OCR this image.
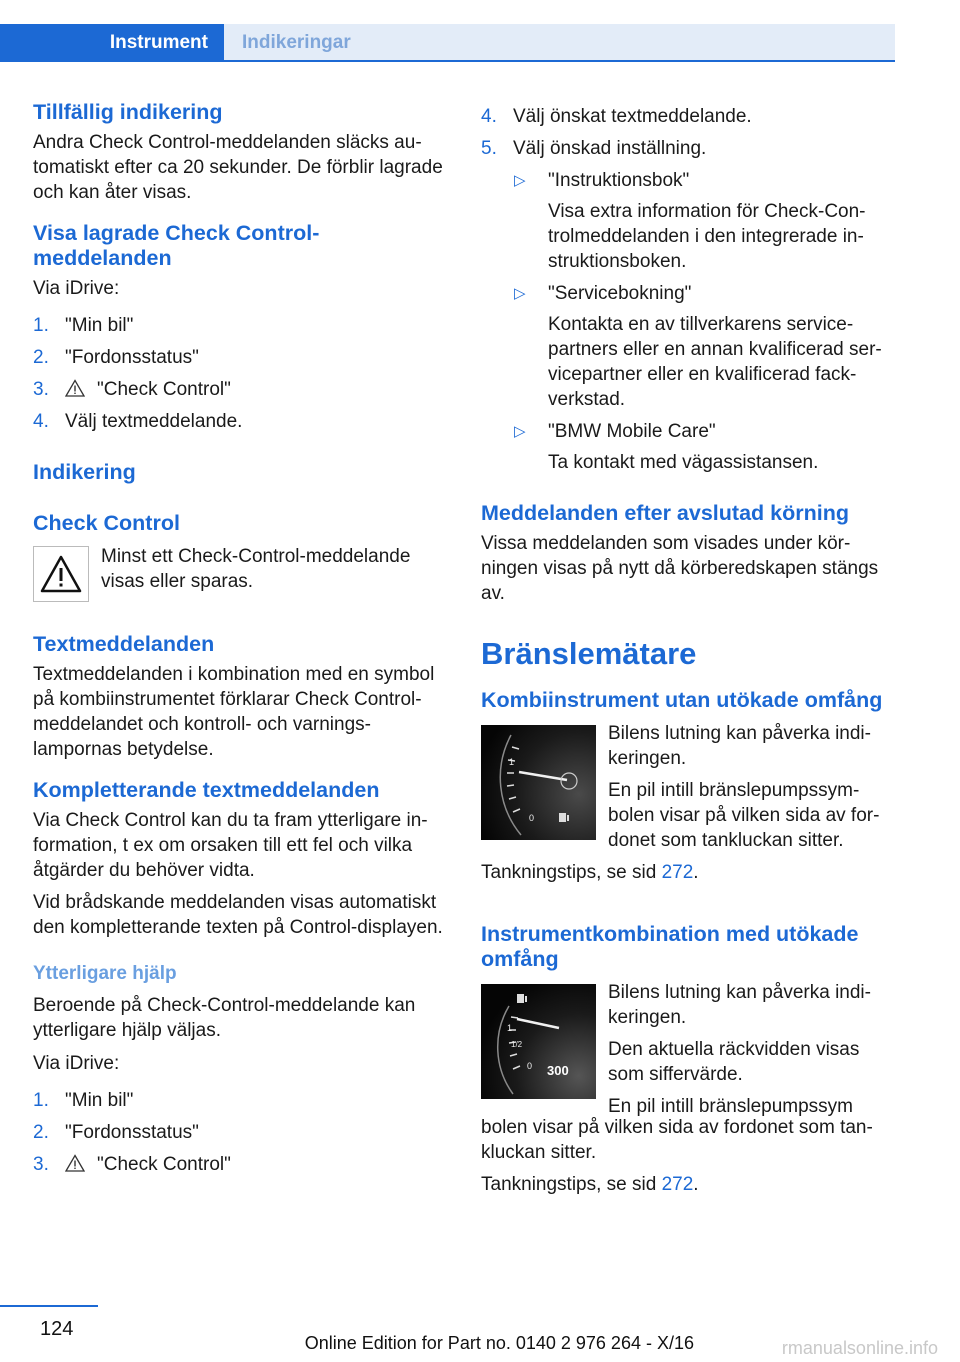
Instrument	Indikeringar
Tillfällig indikering

Andra Check Control-meddelanden släcks automatiskt efter ca 20 sekunder. De förblir lagrade och kan åter visas.

Visa lagrade Check Control-meddelanden

Via iDrive:

1. "Min bil"
2. "Fordonsstatus"
3.	"Check Control"
4. Välj textmeddelande.
Indikering
Check Control

Minst ett Check-Control-meddelande visas eller sparas.

Textmeddelanden

Textmeddelanden i kombination med en symbol på kombiinstrumentet förklarar Check Control-meddelandet och kontroll- och varningslampornas betydelse.

Kompletterande textmeddelanden

Via Check Control kan du ta fram ytterligare information, t ex om orsaken till ett fel och vilka åtgärder du behöver vidta.

Vid brådskande meddelanden visas automatiskt den kompletterande texten på Control-displayen.

Ytterligare hjälp

Beroende på Check-Control-meddelande kan ytterligare hjälp väljas.

Via iDrive:

1. "Min bil"
2. "Fordonsstatus"
3.	"Check Control"
4. Välj önskat textmeddelande.
5. Välj önskad inställning.
▷	"Instruktionsbok"
Visa extra information för Check-Controlmeddelanden i den integrerade instruktionsboken.
▷	"Servicebokning"
Kontakta en av tillverkarens servicepartners eller en annan kvalificerad servicepartner eller en kvalificerad fackverkstad.
▷	"BMW Mobile Care"
Ta kontakt med vägassistansen.
Meddelanden efter avslutad körning

Vissa meddelanden som visades under körningen visas på nytt då körberedskapen stängs av.

Bränslemätare
Kombiinstrument utan utökade omfång
1
0

Bilens lutning kan påverka indikeringen.

En pil intill bränslepumpssymbolen visar på vilken sida av fordonet som tankluckan sitter.

Tankningstips, se sid 272.

Instrumentkombination med utökade omfång
1
1/2
0 300

Bilens lutning kan påverka indikeringen.

Den aktuella räckvidden visas som siffervärde.

En pil intill bränslepumpssym

bolen visar på vilken sida av fordonet som tankluckan sitter.

Tankningstips, se sid 272.

124
Online Edition for Part no. 0140 2 976 264 - X/16	rmanualsonline.info
